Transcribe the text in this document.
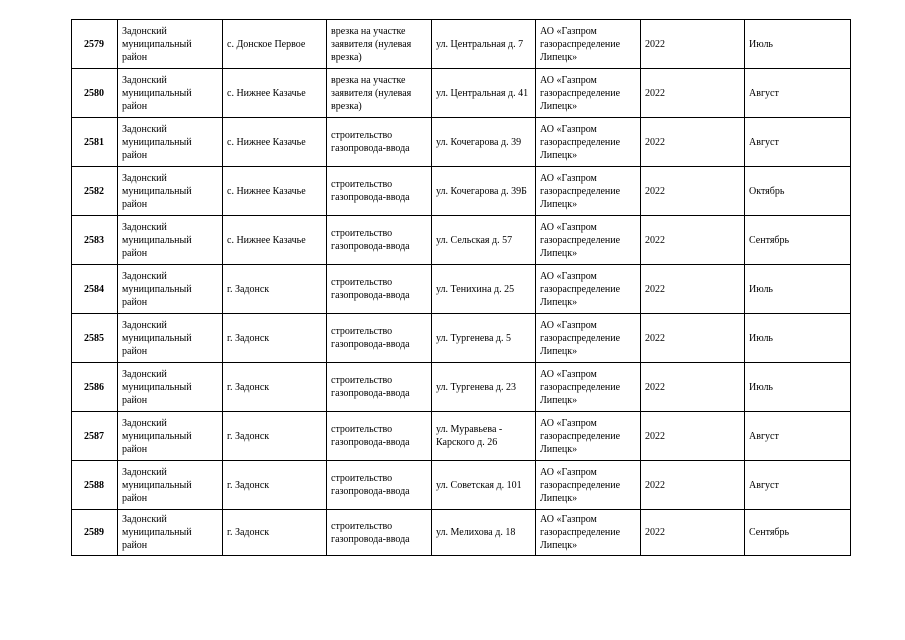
2579	Задонский муниципальный район	с. Донское Первое	врезка на участке заявителя (нулевая врезка)	ул. Центральная д. 7	АО «Газпром газораспределение Липецк»	2022	Июль
2580	Задонский муниципальный район	с. Нижнее Казачье	врезка на участке заявителя (нулевая врезка)	ул. Центральная д. 41	АО «Газпром газораспределение Липецк»	2022	Август
2581	Задонский муниципальный район	с. Нижнее Казачье	строительство газопровода-ввода	ул. Кочегарова д. 39	АО «Газпром газораспределение Липецк»	2022	Август
2582	Задонский муниципальный район	с. Нижнее Казачье	строительство газопровода-ввода	ул. Кочегарова д. 39Б	АО «Газпром газораспределение Липецк»	2022	Октябрь
2583	Задонский муниципальный район	с. Нижнее Казачье	строительство газопровода-ввода	ул. Сельская д. 57	АО «Газпром газораспределение Липецк»	2022	Сентябрь
2584	Задонский муниципальный район	г. Задонск	строительство газопровода-ввода	ул. Тенихина д. 25	АО «Газпром газораспределение Липецк»	2022	Июль
2585	Задонский муниципальный район	г. Задонск	строительство газопровода-ввода	ул. Тургенева д. 5	АО «Газпром газораспределение Липецк»	2022	Июль
2586	Задонский муниципальный район	г. Задонск	строительство газопровода-ввода	ул. Тургенева д. 23	АО «Газпром газораспределение Липецк»	2022	Июль
2587	Задонский муниципальный район	г. Задонск	строительство газопровода-ввода	ул. Муравьева - Карского д. 26	АО «Газпром газораспределение Липецк»	2022	Август
2588	Задонский муниципальный район	г. Задонск	строительство газопровода-ввода	ул. Советская д. 101	АО «Газпром газораспределение Липецк»	2022	Август
2589	Задонский муниципальный район	г. Задонск	строительство газопровода-ввода	ул. Мелихова д. 18	АО «Газпром газораспределение Липецк»	2022	Сентябрь
